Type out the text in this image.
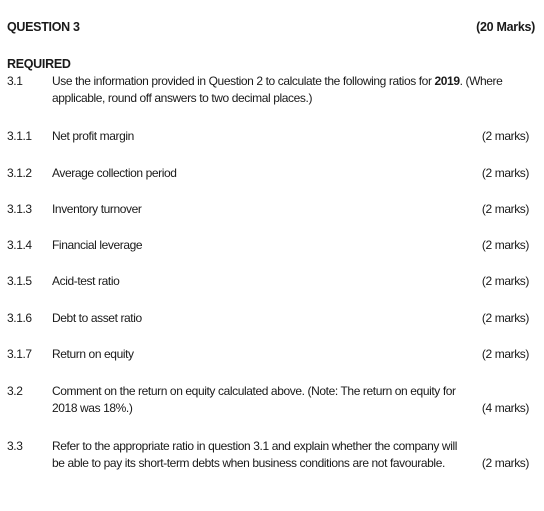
QUESTION 3	(20 Marks)
REQUIRED
3.1 Use the information provided in Question 2 to calculate the following ratios for 2019. (Where applicable, round off answers to two decimal places.)
3.1.1 Net profit margin	(2 marks)
3.1.2 Average collection period	(2 marks)
3.1.3 Inventory turnover	(2 marks)
3.1.4 Financial leverage	(2 marks)
3.1.5 Acid-test ratio	(2 marks)
3.1.6 Debt to asset ratio	(2 marks)
3.1.7 Return on equity	(2 marks)
3.2 Comment on the return on equity calculated above. (Note: The return on equity for 2018 was 18%.)	(4 marks)
3.3 Refer to the appropriate ratio in question 3.1 and explain whether the company will be able to pay its short-term debts when business conditions are not favourable.	(2 marks)
